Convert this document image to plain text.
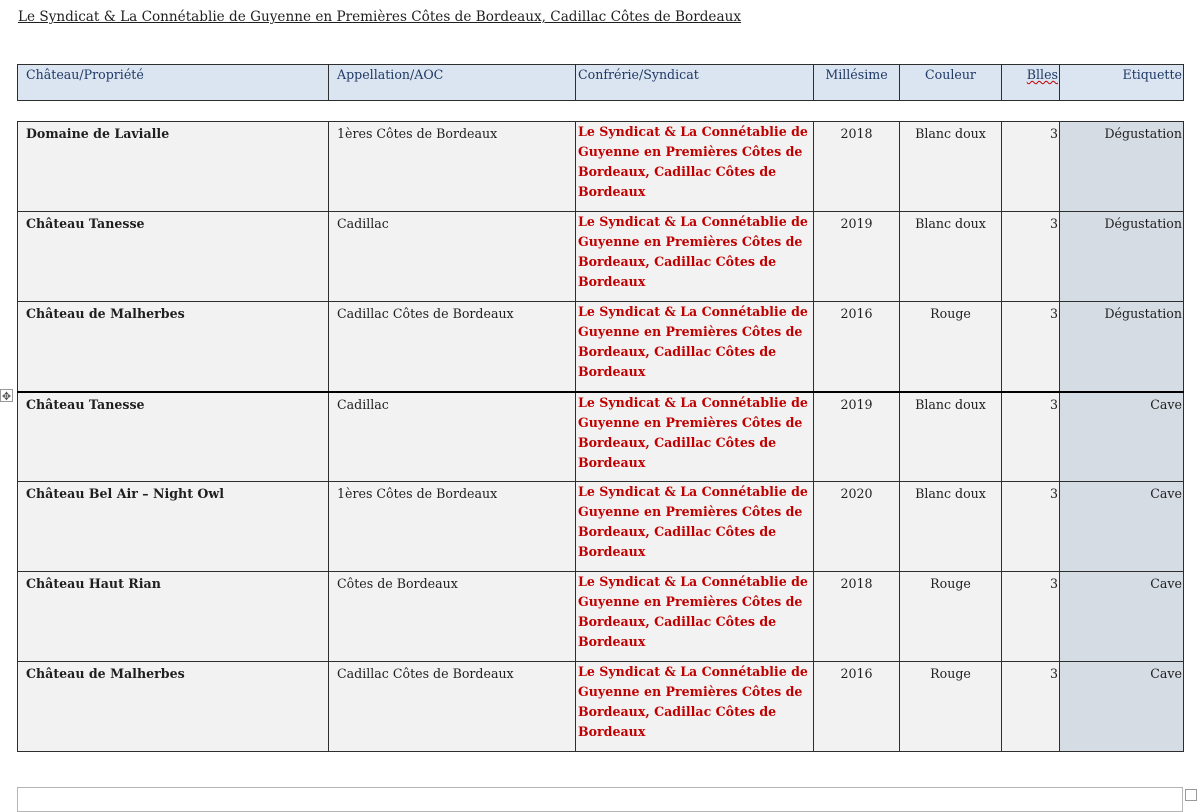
Le Syndicat & La Connétablie de Guyenne en Premières Côtes de Bordeaux, Cadillac Côtes de Bordeaux
Château/Propriété	Appellation/AOC	Confrérie/Syndicat	Millésime	Couleur	Blles	Etiquette
Domaine de Lavialle	1ères Côtes de Bordeaux	Le Syndicat & La Connétablie de Guyenne en Premières Côtes de Bordeaux, Cadillac Côtes de Bordeaux	2018	Blanc doux	3	Dégustation
Château Tanesse	Cadillac	Le Syndicat & La Connétablie de Guyenne en Premières Côtes de Bordeaux, Cadillac Côtes de Bordeaux	2019	Blanc doux	3	Dégustation
Château de Malherbes	Cadillac Côtes de Bordeaux	Le Syndicat & La Connétablie de Guyenne en Premières Côtes de Bordeaux, Cadillac Côtes de Bordeaux	2016	Rouge	3	Dégustation
Château Tanesse	Cadillac	Le Syndicat & La Connétablie de Guyenne en Premières Côtes de Bordeaux, Cadillac Côtes de Bordeaux	2019	Blanc doux	3	Cave
Château Bel Air – Night Owl	1ères Côtes de Bordeaux	Le Syndicat & La Connétablie de Guyenne en Premières Côtes de Bordeaux, Cadillac Côtes de Bordeaux	2020	Blanc doux	3	Cave
Château Haut Rian	Côtes de Bordeaux	Le Syndicat & La Connétablie de Guyenne en Premières Côtes de Bordeaux, Cadillac Côtes de Bordeaux	2018	Rouge	3	Cave
Château de Malherbes	Cadillac Côtes de Bordeaux	Le Syndicat & La Connétablie de Guyenne en Premières Côtes de Bordeaux, Cadillac Côtes de Bordeaux	2016	Rouge	3	Cave
✥
